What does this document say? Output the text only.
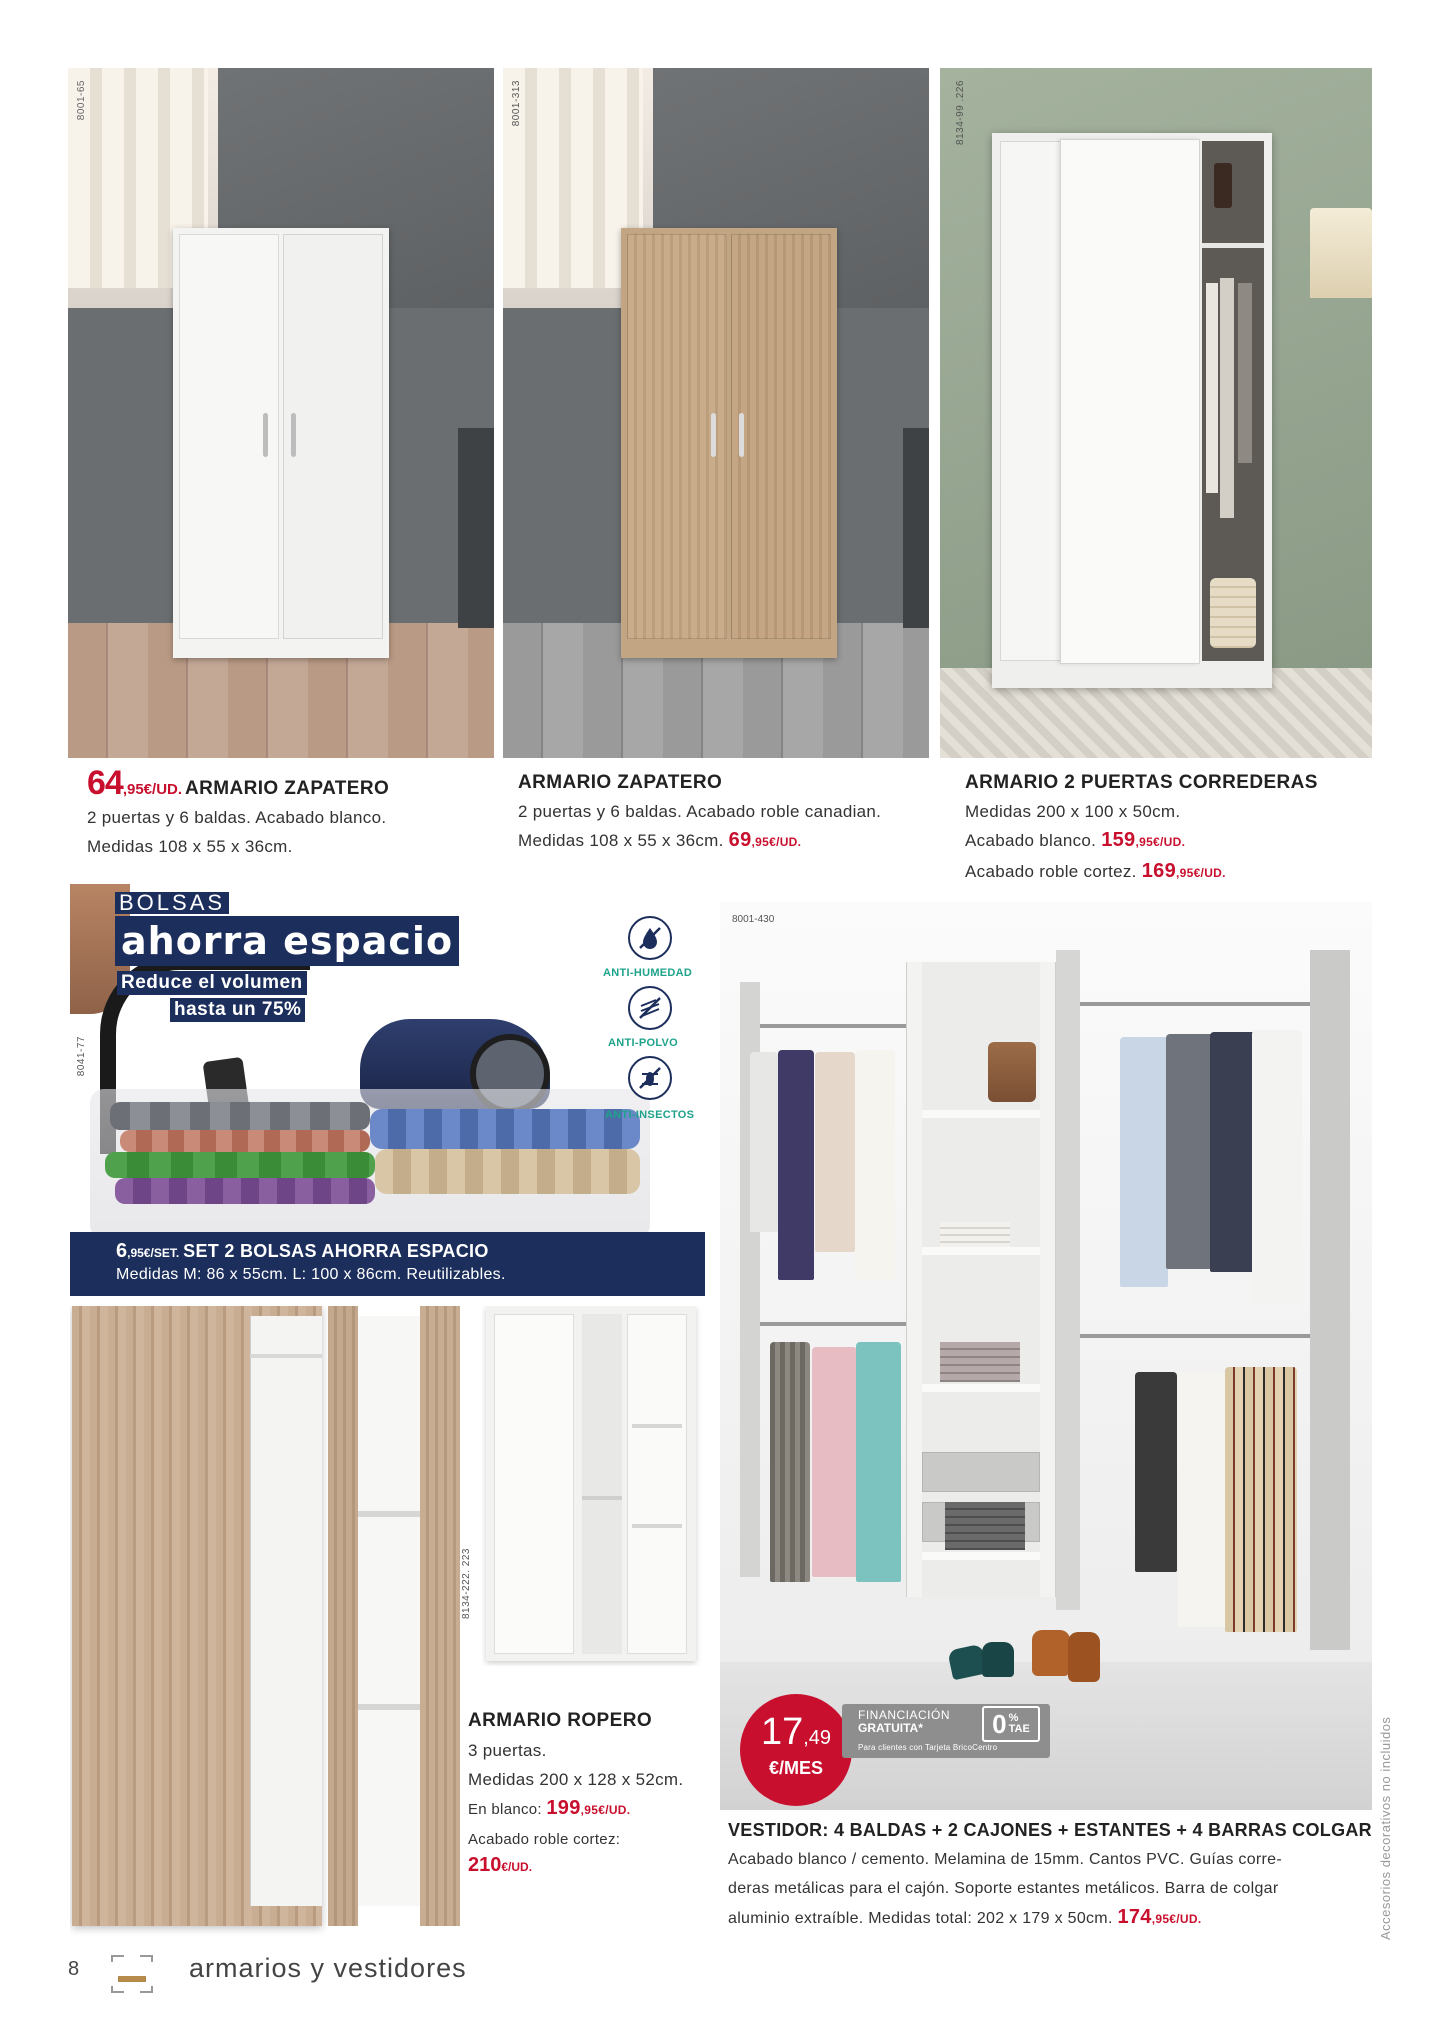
8001-65	8001-313	8134-99 .226
64,95€/UD. ARMARIO ZAPATERO
2 puertas y 6 baldas. Acabado blanco.
Medidas 108 x 55 x 36cm.
ARMARIO ZAPATERO
2 puertas y 6 baldas. Acabado roble canadian.
Medidas 108 x 55 x 36cm. 69,95€/UD.
ARMARIO 2 PUERTAS CORREDERAS
Medidas 200 x 100 x 50cm.
Acabado blanco. 159,95€/UD.
Acabado roble cortez. 169,95€/UD.
BOLSAS
ahorra espacio
Reduce el volumen
hasta un 75%
ANTI-HUMEDAD
ANTI-POLVO
ANTI-INSECTOS
6,95€/SET. SET 2 BOLSAS AHORRA ESPACIO
Medidas M: 86 x 55cm. L: 100 x 86cm. Reutilizables.
8041-77
8134-222. 223
ARMARIO ROPERO
3 puertas.
Medidas 200 x 128 x 52cm.
En blanco: 199,95€/UD.
Acabado roble cortez:
210€/UD.
17,49
€/MES
FINANCIACIÓN
GRATUITA*	0 %
TAE
Para clientes con Tarjeta BricoCentro
8001-430
VESTIDOR: 4 BALDAS + 2 CAJONES + ESTANTES + 4 BARRAS COLGAR
Acabado blanco / cemento. Melamina de 15mm. Cantos PVC. Guías corre-
deras metálicas para el cajón. Soporte estantes metálicos. Barra de colgar
aluminio extraíble. Medidas total: 202 x 179 x 50cm. 174,95€/UD.	Accesorios decorativos no incluidos
8	armarios y vestidores
